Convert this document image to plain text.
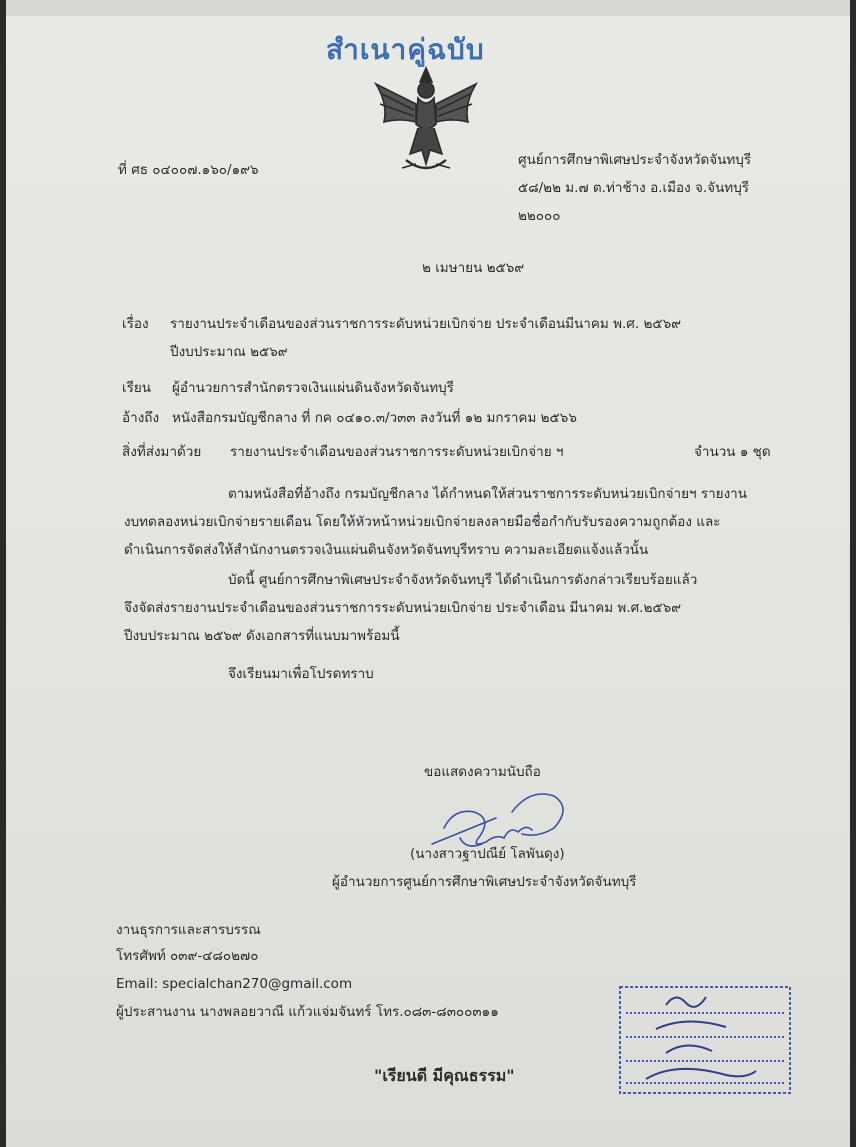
สำเนาคู่ฉบับ
ที่ ศธ ๐๔๐๐๗.๑๖๐/๑๙๖
ศูนย์การศึกษาพิเศษประจำจังหวัดจันทบุรี
๕๘/๒๒ ม.๗ ต.ท่าช้าง อ.เมือง จ.จันทบุรี
๒๒๐๐๐
๒ เมษายน ๒๕๖๙
เรื่อง รายงานประจำเดือนของส่วนราชการระดับหน่วยเบิกจ่าย ประจำเดือนมีนาคม พ.ศ. ๒๕๖๙
ปีงบประมาณ ๒๕๖๙
เรียน ผู้อำนวยการสำนักตรวจเงินแผ่นดินจังหวัดจันทบุรี
อ้างถึง หนังสือกรมบัญชีกลาง ที่ กค ๐๔๑๐.๓/ว๓๓ ลงวันที่ ๑๒ มกราคม ๒๕๖๖
สิ่งที่ส่งมาด้วย รายงานประจำเดือนของส่วนราชการระดับหน่วยเบิกจ่าย ฯ	จำนวน ๑ ชุด
ตามหนังสือที่อ้างถึง กรมบัญชีกลาง ได้กำหนดให้ส่วนราชการระดับหน่วยเบิกจ่ายฯ รายงาน
งบทดลองหน่วยเบิกจ่ายรายเดือน โดยให้หัวหน้าหน่วยเบิกจ่ายลงลายมือชื่อกำกับรับรองความถูกต้อง และ
ดำเนินการจัดส่งให้สำนักงานตรวจเงินแผ่นดินจังหวัดจันทบุรีทราบ ความละเอียดแจ้งแล้วนั้น
บัดนี้ ศูนย์การศึกษาพิเศษประจำจังหวัดจันทบุรี ได้ดำเนินการดังกล่าวเรียบร้อยแล้ว
จึงจัดส่งรายงานประจำเดือนของส่วนราชการระดับหน่วยเบิกจ่าย ประจำเดือน มีนาคม พ.ศ.๒๕๖๙
ปีงบประมาณ ๒๕๖๙ ดังเอกสารที่แนบมาพร้อมนี้
จึงเรียนมาเพื่อโปรดทราบ
ขอแสดงความนับถือ
(นางสาวฐาปณีย์ โลพันดุง)
ผู้อำนวยการศูนย์การศึกษาพิเศษประจำจังหวัดจันทบุรี
งานธุรการและสารบรรณ
โทรศัพท์ ๐๓๙-๔๘๐๒๗๐
Email: specialchan270@gmail.com
ผู้ประสานงาน นางพลอยวาณี แก้วแจ่มจันทร์ โทร.๐๘๓-๘๓๐๐๓๑๑
"เรียนดี มีคุณธรรม"
